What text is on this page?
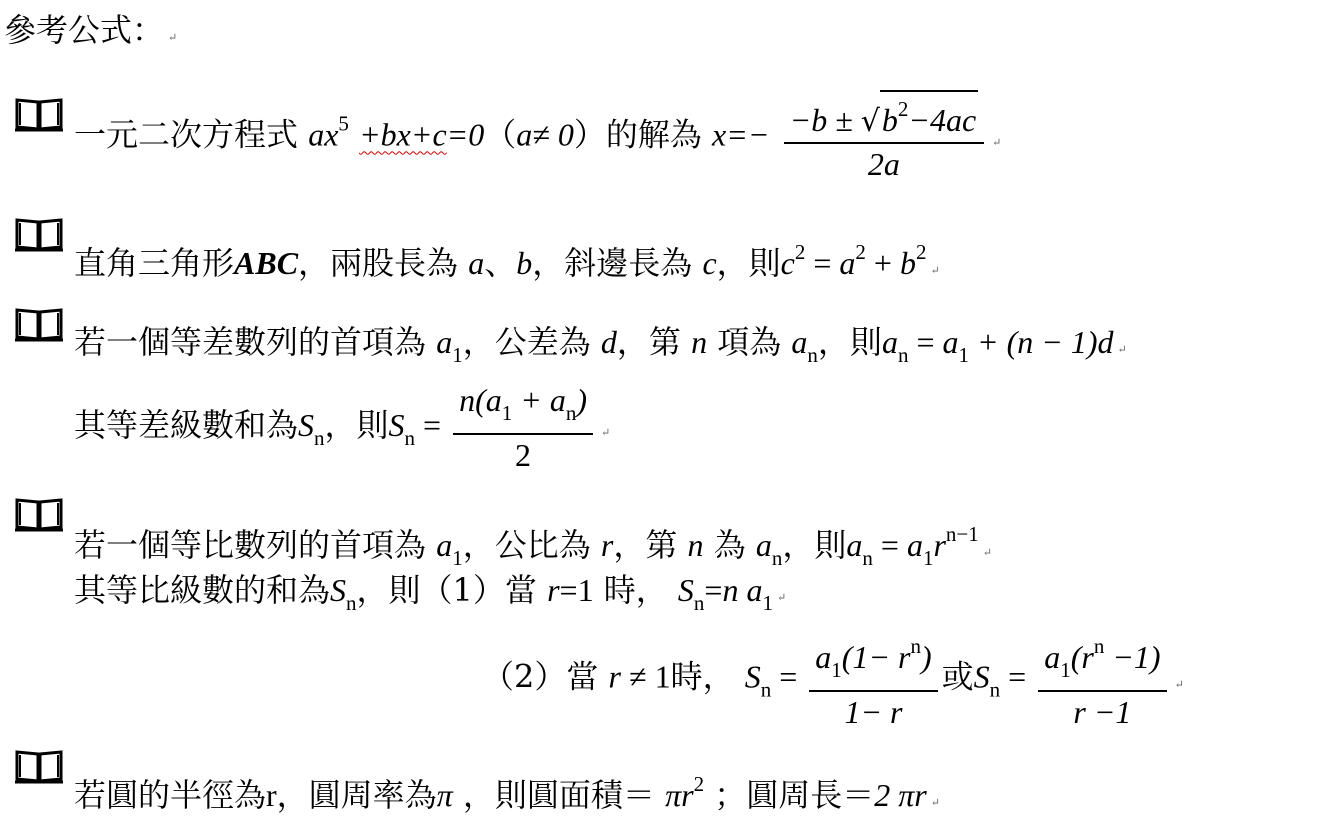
參考公式： ↵
一元二次方程式 $ax^5 +bx+c=0(a\ne 0)$的解為 $x=- \frac{-b \pm √b^2-4ac}{2a}$ ↵
直角三角形ABC，兩股長為 a、b，斜邊長為 c，則$c^2 = a^2$ + $b^2↵$
若一個等差數列的首項為 $a_1$，公差為 d，第 n 項為 $a_n$，則$a_n = a_1 + (n - 1)d$ ↵
其等差級數和為$S_n$，則$S_n = \frac{n(a_1 + a_n)}{2}$ ↵
若一個等比數列的首項為 $a_1$，公比為 r，第 n 為 $a_n$，則$a_n$ = $a_1r^{n-1}↵$
其等比級數的和為$S_n$，則（1）當 r=1 時， $S_n=n$ $a_1$ ↵
（2）當 r ≠ 1時， $S_n = \frac{a_1(1- r^n)}{1- r}$ 或$S_n = \frac{a_1(r^n -1)}{r -1}$ ↵
若圓的半徑為r，圓周率為π ，則圓面積＝ $\pi r^2$ ；圓周長＝2 πr ↵
